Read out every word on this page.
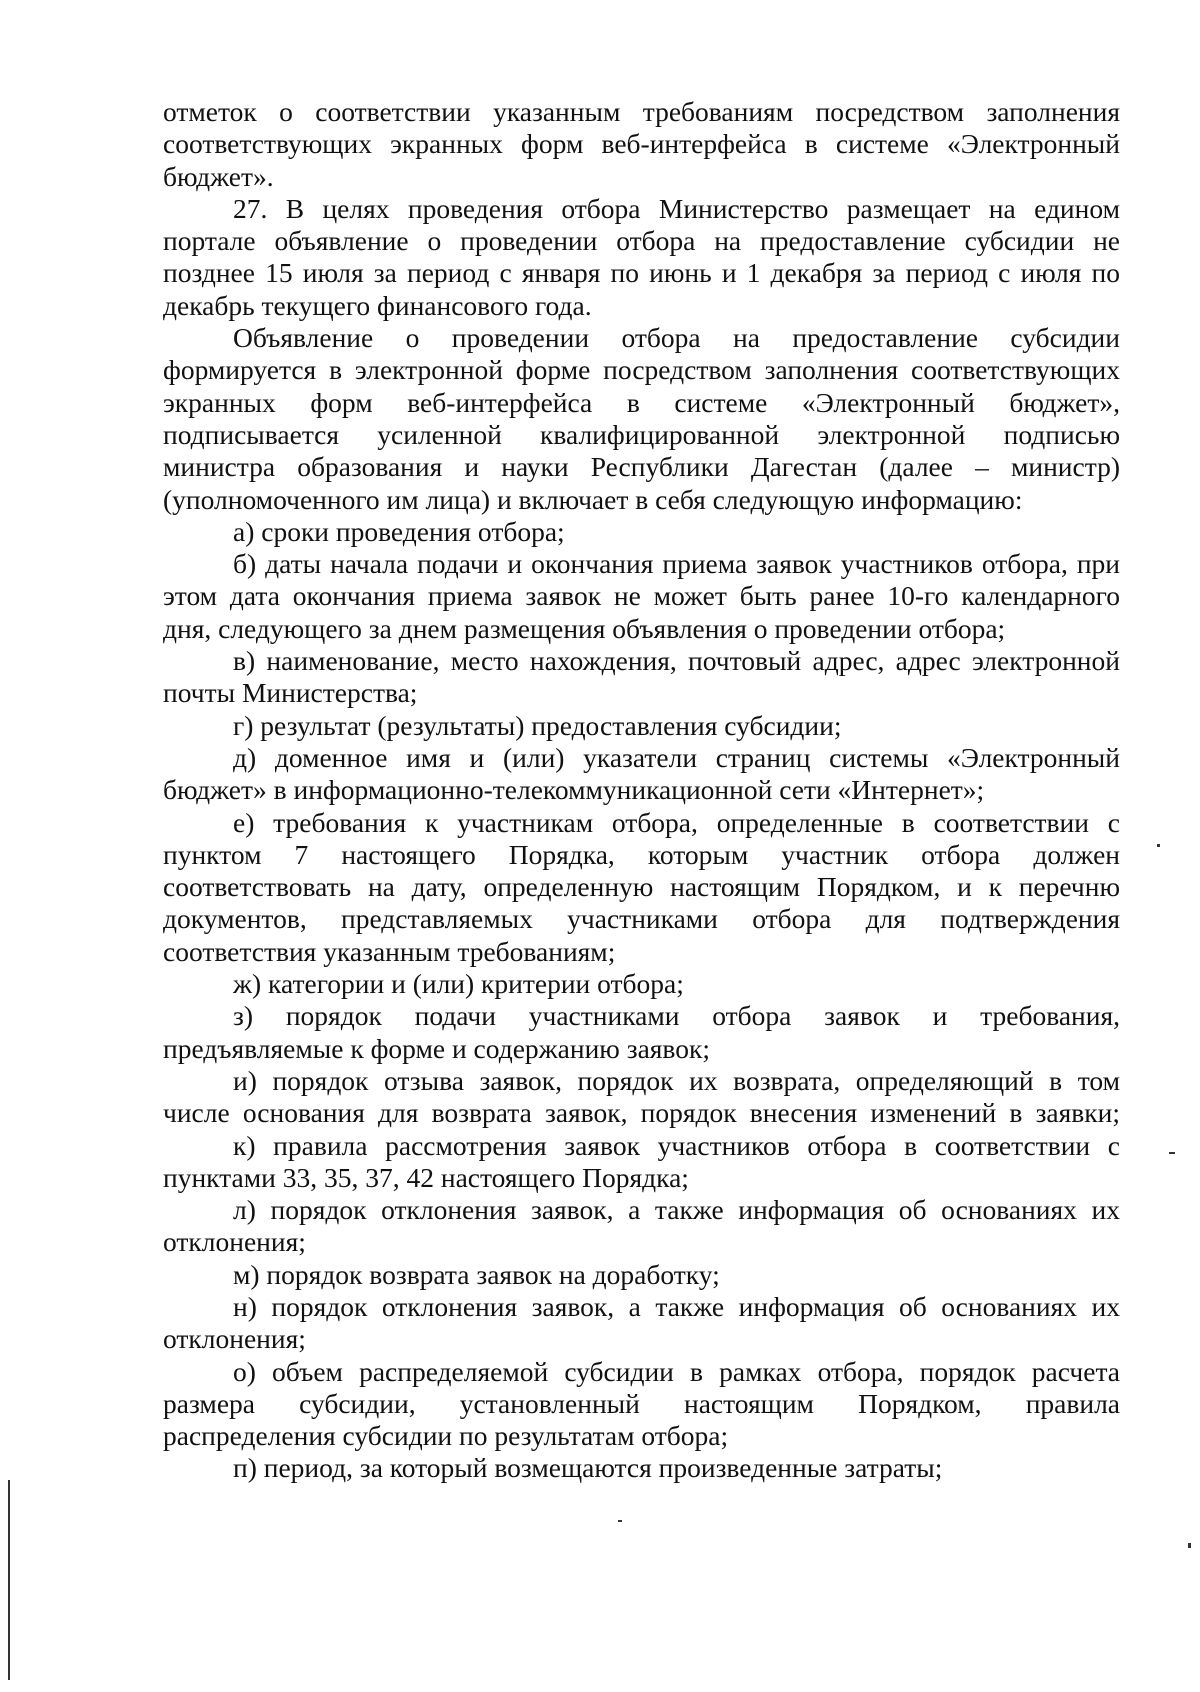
отметок о соответствии указанным требованиям посредством заполнения
соответствующих экранных форм веб-интерфейса в системе «Электронный
бюджет».
27. В целях проведения отбора Министерство размещает на едином
портале объявление о проведении отбора на предоставление субсидии не
позднее 15 июля за период с января по июнь и 1 декабря за период с июля по
декабрь текущего финансового года.
Объявление о проведении отбора на предоставление субсидии
формируется в электронной форме посредством заполнения соответствующих
экранных форм веб-интерфейса в системе «Электронный бюджет»,
подписывается усиленной квалифицированной электронной подписью
министра образования и науки Республики Дагестан (далее – министр)
(уполномоченного им лица) и включает в себя следующую информацию:
а) сроки проведения отбора;
б) даты начала подачи и окончания приема заявок участников отбора, при
этом дата окончания приема заявок не может быть ранее 10-го календарного
дня, следующего за днем размещения объявления о проведении отбора;
в) наименование, место нахождения, почтовый адрес, адрес электронной
почты Министерства;
г) результат (результаты) предоставления субсидии;
д) доменное имя и (или) указатели страниц системы «Электронный
бюджет» в информационно-телекоммуникационной сети «Интернет»;
е) требования к участникам отбора, определенные в соответствии с
пунктом 7 настоящего Порядка, которым участник отбора должен
соответствовать на дату, определенную настоящим Порядком, и к перечню
документов, представляемых участниками отбора для подтверждения
соответствия указанным требованиям;
ж) категории и (или) критерии отбора;
з) порядок подачи участниками отбора заявок и требования,
предъявляемые к форме и содержанию заявок;
и) порядок отзыва заявок, порядок их возврата, определяющий в том
числе основания для возврата заявок, порядок внесения изменений в заявки;
к) правила рассмотрения заявок участников отбора в соответствии с
пунктами 33, 35, 37, 42 настоящего Порядка;
л) порядок отклонения заявок, а также информация об основаниях их
отклонения;
м) порядок возврата заявок на доработку;
н) порядок отклонения заявок, а также информация об основаниях их
отклонения;
о) объем распределяемой субсидии в рамках отбора, порядок расчета
размера субсидии, установленный настоящим Порядком, правила
распределения субсидии по результатам отбора;
п) период, за который возмещаются произведенные затраты;
